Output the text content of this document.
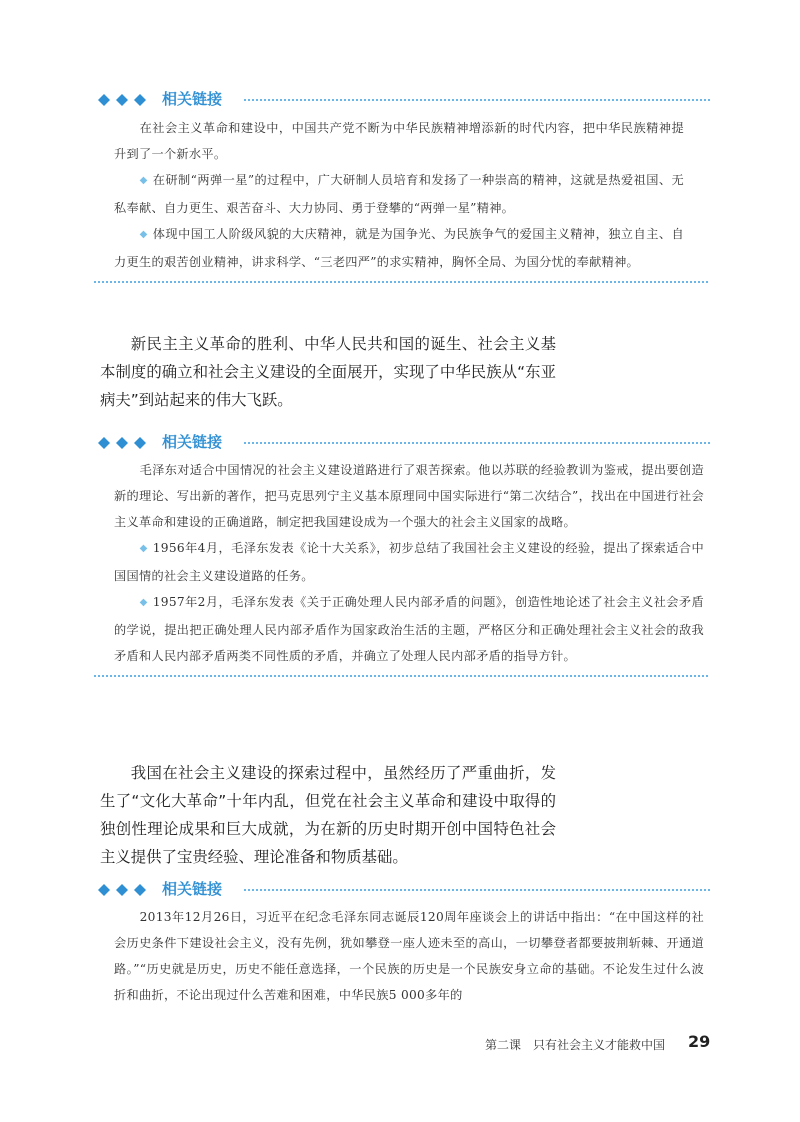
相关链接

在社会主义革命和建设中，中国共产党不断为中华民族精神增添新的时代内容，把中华民族精神提升到了一个新水平。

◆ 在研制“两弹一星”的过程中，广大研制人员培育和发扬了一种崇高的精神，这就是热爱祖国、无私奉献、自力更生、艰苦奋斗、大力协同、勇于登攀的“两弹一星”精神。

◆ 体现中国工人阶级风貌的大庆精神，就是为国争光、为民族争气的爱国主义精神，独立自主、自力更生的艰苦创业精神，讲求科学、“三老四严”的求实精神，胸怀全局、为国分忧的奉献精神。

新民主主义革命的胜利、中华人民共和国的诞生、社会主义基本制度的确立和社会主义建设的全面展开，实现了中华民族从“东亚病夫”到站起来的伟大飞跃。

相关链接

毛泽东对适合中国情况的社会主义建设道路进行了艰苦探索。他以苏联的经验教训为鉴戒，提出要创造新的理论、写出新的著作，把马克思列宁主义基本原理同中国实际进行“第二次结合”，找出在中国进行社会主义革命和建设的正确道路，制定把我国建设成为一个强大的社会主义国家的战略。

◆ 1956年4月，毛泽东发表《论十大关系》，初步总结了我国社会主义建设的经验，提出了探索适合中国国情的社会主义建设道路的任务。

◆ 1957年2月，毛泽东发表《关于正确处理人民内部矛盾的问题》，创造性地论述了社会主义社会矛盾的学说，提出把正确处理人民内部矛盾作为国家政治生活的主题，严格区分和正确处理社会主义社会的敌我矛盾和人民内部矛盾两类不同性质的矛盾，并确立了处理人民内部矛盾的指导方针。

我国在社会主义建设的探索过程中，虽然经历了严重曲折，发生了“文化大革命”十年内乱，但党在社会主义革命和建设中取得的独创性理论成果和巨大成就，为在新的历史时期开创中国特色社会主义提供了宝贵经验、理论准备和物质基础。

相关链接

2013年12月26日，习近平在纪念毛泽东同志诞辰120周年座谈会上的讲话中指出：“在中国这样的社会历史条件下建设社会主义，没有先例，犹如攀登一座人迹未至的高山，一切攀登者都要披荆斩棘、开通道路。”“历史就是历史，历史不能任意选择，一个民族的历史是一个民族安身立命的基础。不论发生过什么波折和曲折，不论出现过什么苦难和困难，中华民族5 000多年的

第二课　只有社会主义才能救中国 29
